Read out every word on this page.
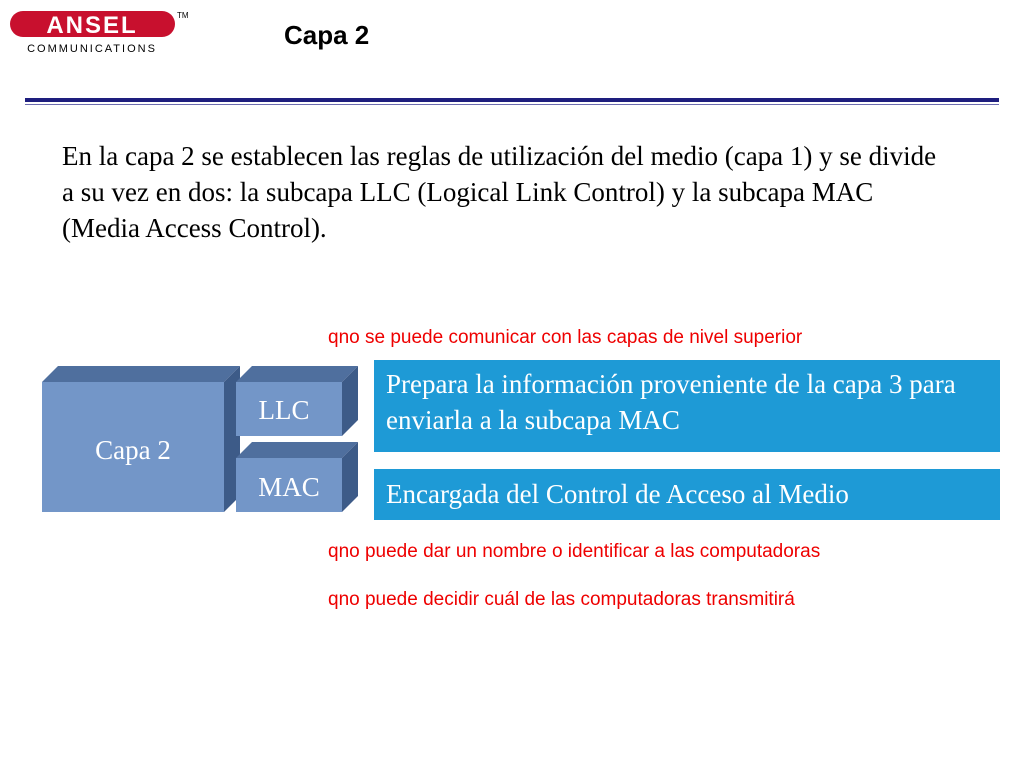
ANSEL	TM
COMMUNICATIONS	Capa 2

En la capa 2 se establecen las reglas de utilización del medio (capa 1) y se divide a su vez en dos: la subcapa LLC (Logical Link Control) y la subcapa MAC (Media Access Control).

qno se puede comunicar con las capas de nivel superior
Capa 2
LLC
MAC
Prepara la información proveniente de la capa 3 para enviarla a la subcapa MAC
Encargada del Control de Acceso al Medio
qno puede dar un nombre o identificar a las computadoras
qno puede decidir cuál de las computadoras transmitirá
